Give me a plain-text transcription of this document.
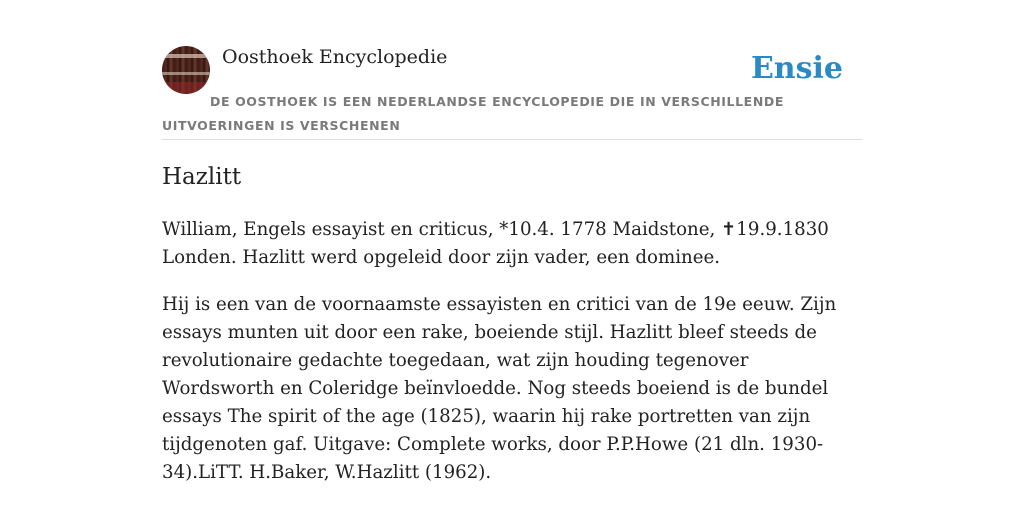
Oosthoek Encyclopedie	Ensie
DE OOSTHOEK IS EEN NEDERLANDSE ENCYCLOPEDIE DIE IN VERSCHILLENDE UITVOERINGEN IS VERSCHENEN
Hazlitt

William, Engels essayist en criticus, *10.4. 1778 Maidstone, ✝19.9.1830 Londen. Hazlitt werd opgeleid door zijn vader, een dominee.

Hij is een van de voornaamste essayisten en critici van de 19e eeuw. Zijn essays munten uit door een rake, boeiende stijl. Hazlitt bleef steeds de revolutionaire gedachte toegedaan, wat zijn houding tegenover Wordsworth en Coleridge beïnvloedde. Nog steeds boeiend is de bundel essays The spirit of the age (1825), waarin hij rake portretten van zijn tijdgenoten gaf. Uitgave: Complete works, door P.P.Howe (21 dln. 1930-34).LiTT. H.Baker, W.Hazlitt (1962).
